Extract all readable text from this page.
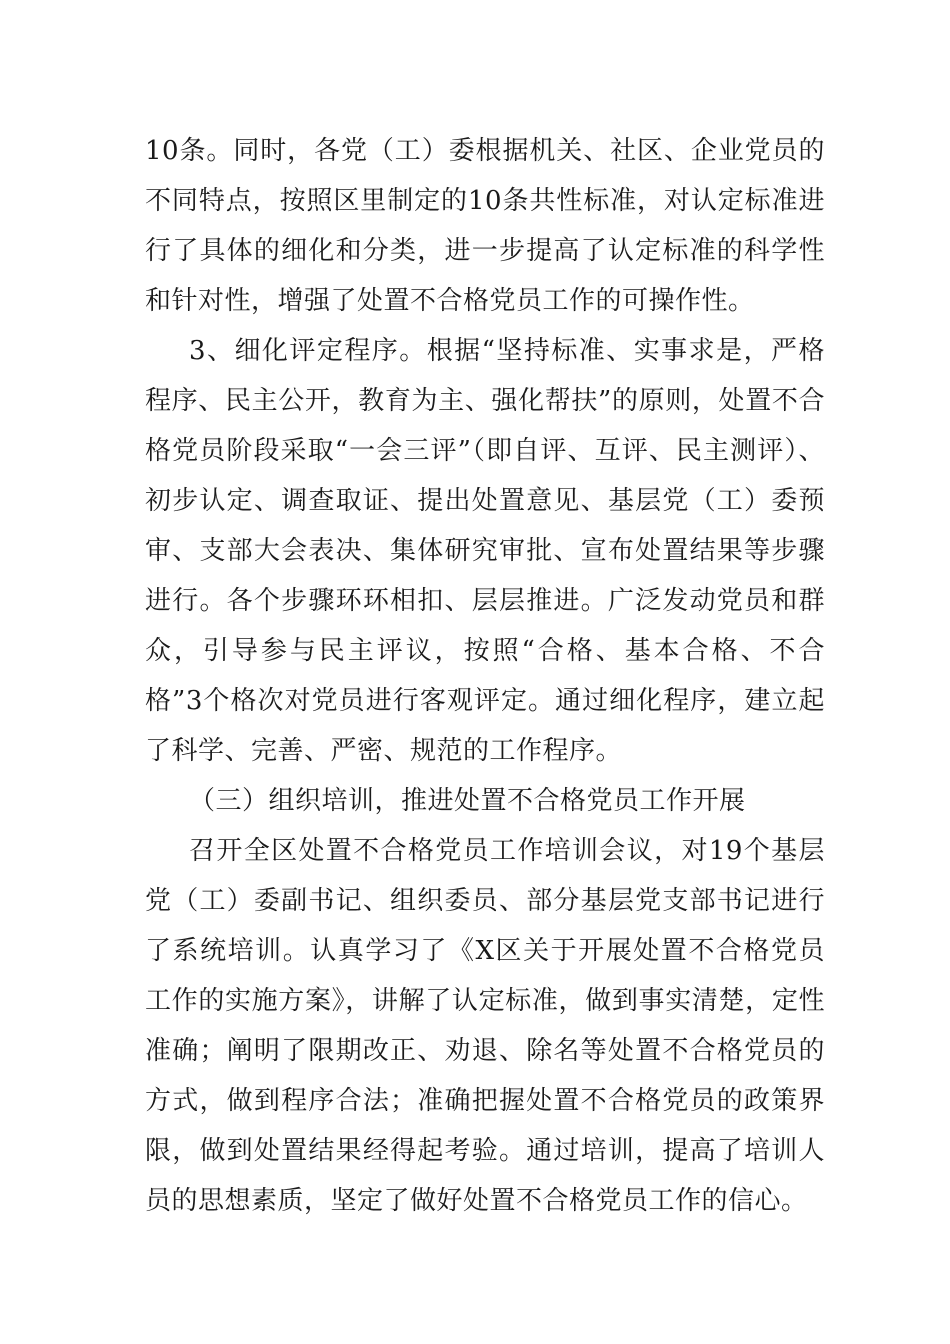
10条。同时，各党（工）委根据机关、社区、企业党员的不同特点，按照区里制定的10条共性标准，对认定标准进行了具体的细化和分类，进一步提高了认定标准的科学性和针对性，增强了处置不合格党员工作的可操作性。

3、细化评定程序。根据“坚持标准、实事求是，严格程序、民主公开，教育为主、强化帮扶”的原则，处置不合格党员阶段采取“一会三评”（即自评、互评、民主测评）、初步认定、调查取证、提出处置意见、基层党（工）委预审、支部大会表决、集体研究审批、宣布处置结果等步骤进行。各个步骤环环相扣、层层推进。广泛发动党员和群众，引导参与民主评议，按照“合格、基本合格、不合格”3个格次对党员进行客观评定。通过细化程序，建立起了科学、完善、严密、规范的工作程序。

（三）组织培训，推进处置不合格党员工作开展

召开全区处置不合格党员工作培训会议，对19个基层党（工）委副书记、组织委员、部分基层党支部书记进行了系统培训。认真学习了《X区关于开展处置不合格党员工作的实施方案》，讲解了认定标准，做到事实清楚，定性准确；阐明了限期改正、劝退、除名等处置不合格党员的方式，做到程序合法；准确把握处置不合格党员的政策界限，做到处置结果经得起考验。通过培训，提高了培训人员的思想素质，坚定了做好处置不合格党员工作的信心。
